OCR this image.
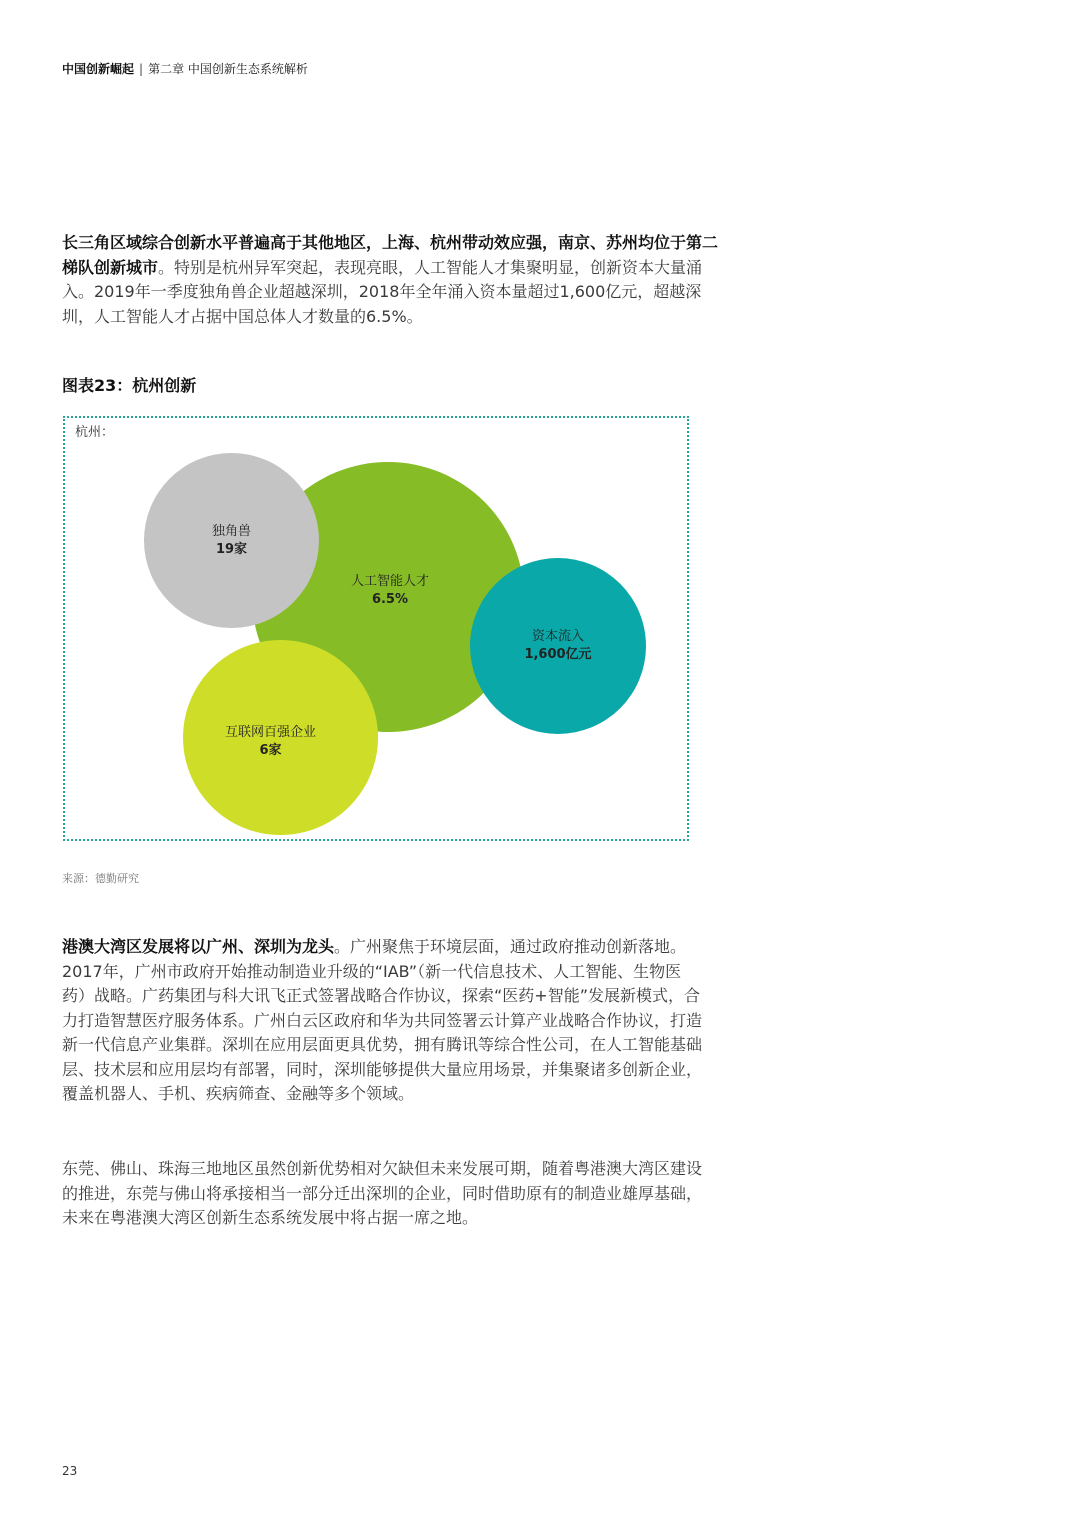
中国创新崛起 | 第二章 中国创新生态系统解析
长三角区域综合创新水平普遍高于其他地区，上海、杭州带动效应强，南京、苏州均位于第二梯队创新城市。特别是杭州异军突起，表现亮眼，人工智能人才集聚明显，创新资本大量涌入。2019年一季度独角兽企业超越深圳，2018年全年涌入资本量超过1,600亿元，超越深圳，人工智能人才占据中国总体人才数量的6.5%。
图表23：杭州创新
杭州：
人工智能人才
6.5%
独角兽
19家
资本流入
1,600亿元
互联网百强企业
6家
来源：德勤研究
港澳大湾区发展将以广州、深圳为龙头。广州聚焦于环境层面，通过政府推动创新落地。2017年，广州市政府开始推动制造业升级的“IAB”（新一代信息技术、人工智能、生物医药）战略。广药集团与科大讯飞正式签署战略合作协议，探索“医药+智能”发展新模式，合力打造智慧医疗服务体系。广州白云区政府和华为共同签署云计算产业战略合作协议，打造新一代信息产业集群。深圳在应用层面更具优势，拥有腾讯等综合性公司，在人工智能基础层、技术层和应用层均有部署，同时，深圳能够提供大量应用场景，并集聚诸多创新企业，覆盖机器人、手机、疾病筛查、金融等多个领域。
东莞、佛山、珠海三地地区虽然创新优势相对欠缺但未来发展可期，随着粤港澳大湾区建设的推进，东莞与佛山将承接相当一部分迁出深圳的企业，同时借助原有的制造业雄厚基础，未来在粤港澳大湾区创新生态系统发展中将占据一席之地。
23
